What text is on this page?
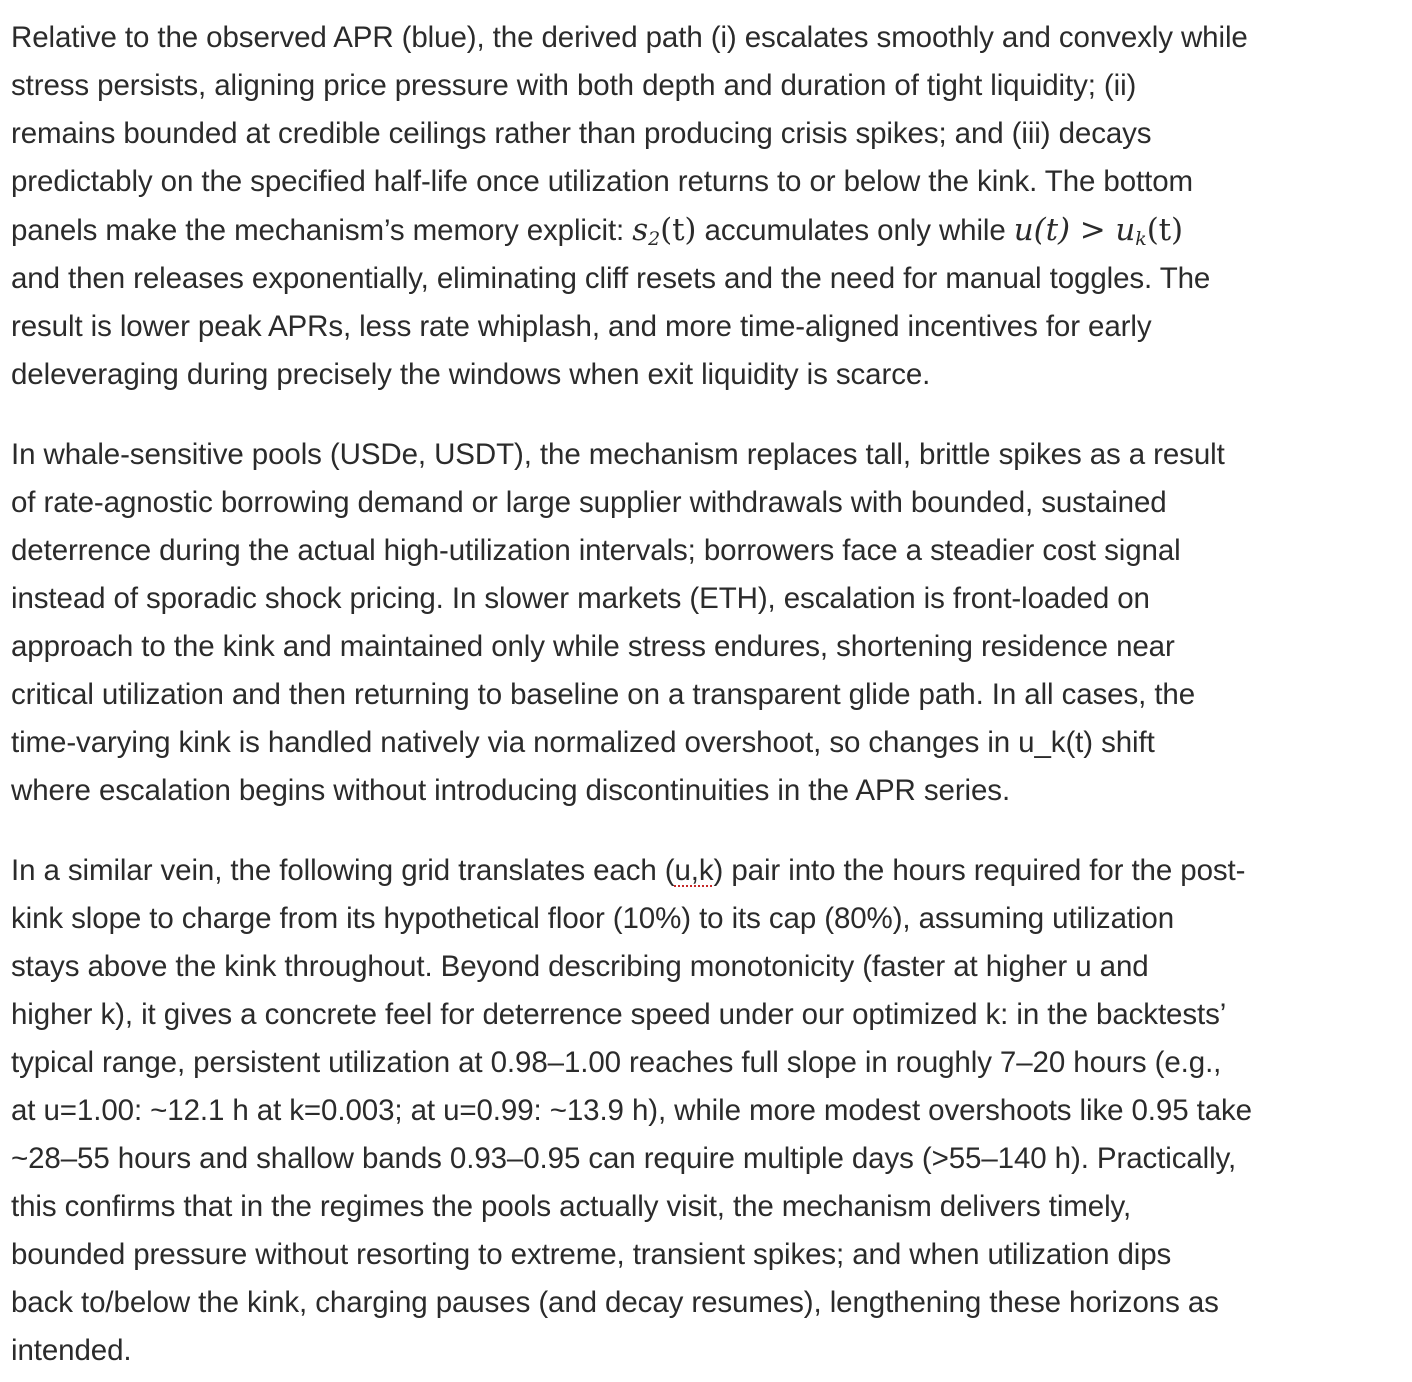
Relative to the observed APR (blue), the derived path (i) escalates smoothly and convexly while
stress persists, aligning price pressure with both depth and duration of tight liquidity; (ii)
remains bounded at credible ceilings rather than producing crisis spikes; and (iii) decays
predictably on the specified half-life once utilization returns to or below the kink. The bottom
panels make the mechanism’s memory explicit: $s_2(t)$ accumulates only while $u(t) > u_k(t)$
and then releases exponentially, eliminating cliff resets and the need for manual toggles. The
result is lower peak APRs, less rate whiplash, and more time-aligned incentives for early
deleveraging during precisely the windows when exit liquidity is scarce.

In whale-sensitive pools (USDe, USDT), the mechanism replaces tall, brittle spikes as a result
of rate-agnostic borrowing demand or large supplier withdrawals with bounded, sustained
deterrence during the actual high-utilization intervals; borrowers face a steadier cost signal
instead of sporadic shock pricing. In slower markets (ETH), escalation is front-loaded on
approach to the kink and maintained only while stress endures, shortening residence near
critical utilization and then returning to baseline on a transparent glide path. In all cases, the
time-varying kink is handled natively via normalized overshoot, so changes in u_k(t) shift
where escalation begins without introducing discontinuities in the APR series.

In a similar vein, the following grid translates each (u,k) pair into the hours required for the post-
kink slope to charge from its hypothetical floor (10%) to its cap (80%), assuming utilization
stays above the kink throughout. Beyond describing monotonicity (faster at higher u and
higher k), it gives a concrete feel for deterrence speed under our optimized k: in the backtests’
typical range, persistent utilization at 0.98–1.00 reaches full slope in roughly 7–20 hours (e.g.,
at u=1.00: ~12.1 h at k=0.003; at u=0.99: ~13.9 h), while more modest overshoots like 0.95 take
~28–55 hours and shallow bands 0.93–0.95 can require multiple days (>55–140 h). Practically,
this confirms that in the regimes the pools actually visit, the mechanism delivers timely,
bounded pressure without resorting to extreme, transient spikes; and when utilization dips
back to/below the kink, charging pauses (and decay resumes), lengthening these horizons as
intended.
